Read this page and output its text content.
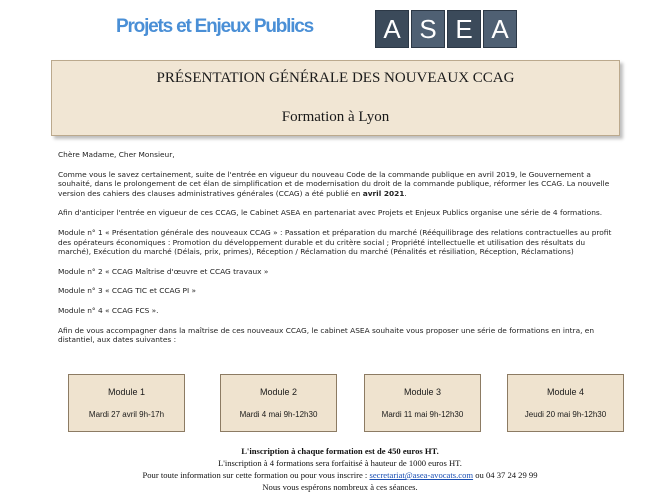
Projets et Enjeux Publics	A S E A
PRÉSENTATION GÉNÉRALE DES NOUVEAUX CCAG
Formation à Lyon

Chère Madame, Cher Monsieur,

Comme vous le savez certainement, suite de l'entrée en vigueur du nouveau Code de la commande publique en avril 2019, le Gouvernement a souhaité, dans le prolongement de cet élan de simplification et de modernisation du droit de la commande publique, réformer les CCAG. La nouvelle version des cahiers des clauses administratives générales (CCAG) a été publié en avril 2021.

Afin d'anticiper l'entrée en vigueur de ces CCAG, le Cabinet ASEA en partenariat avec Projets et Enjeux Publics organise une série de 4 formations.

Module n° 1 « Présentation générale des nouveaux CCAG » : Passation et préparation du marché (Rééquilibrage des relations contractuelles au profit des opérateurs économiques : Promotion du développement durable et du critère social ; Propriété intellectuelle et utilisation des résultats du marché), Exécution du marché (Délais, prix, primes), Réception / Réclamation du marché (Pénalités et résiliation, Réception, Réclamations)

Module n° 2 « CCAG Maîtrise d'œuvre et CCAG travaux »

Module n° 3 « CCAG TIC et CCAG PI »

Module n° 4 « CCAG FCS ».

Afin de vous accompagner dans la maîtrise de ces nouveaux CCAG, le cabinet ASEA souhaite vous proposer une série de formations en intra, en distantiel, aux dates suivantes :

Module 1
Mardi 27 avril 9h-17h
Module 2
Mardi 4 mai 9h-12h30
Module 3
Mardi 11 mai 9h-12h30
Module 4
Jeudi 20 mai 9h-12h30
L'inscription à chaque formation est de 450 euros HT.
L'inscription à 4 formations sera forfaitisé à hauteur de 1000 euros HT.
Pour toute information sur cette formation ou pour vous inscrire : secretariat@asea-avocats.com ou 04 37 24 29 99
Nous vous espérons nombreux à ces séances.
